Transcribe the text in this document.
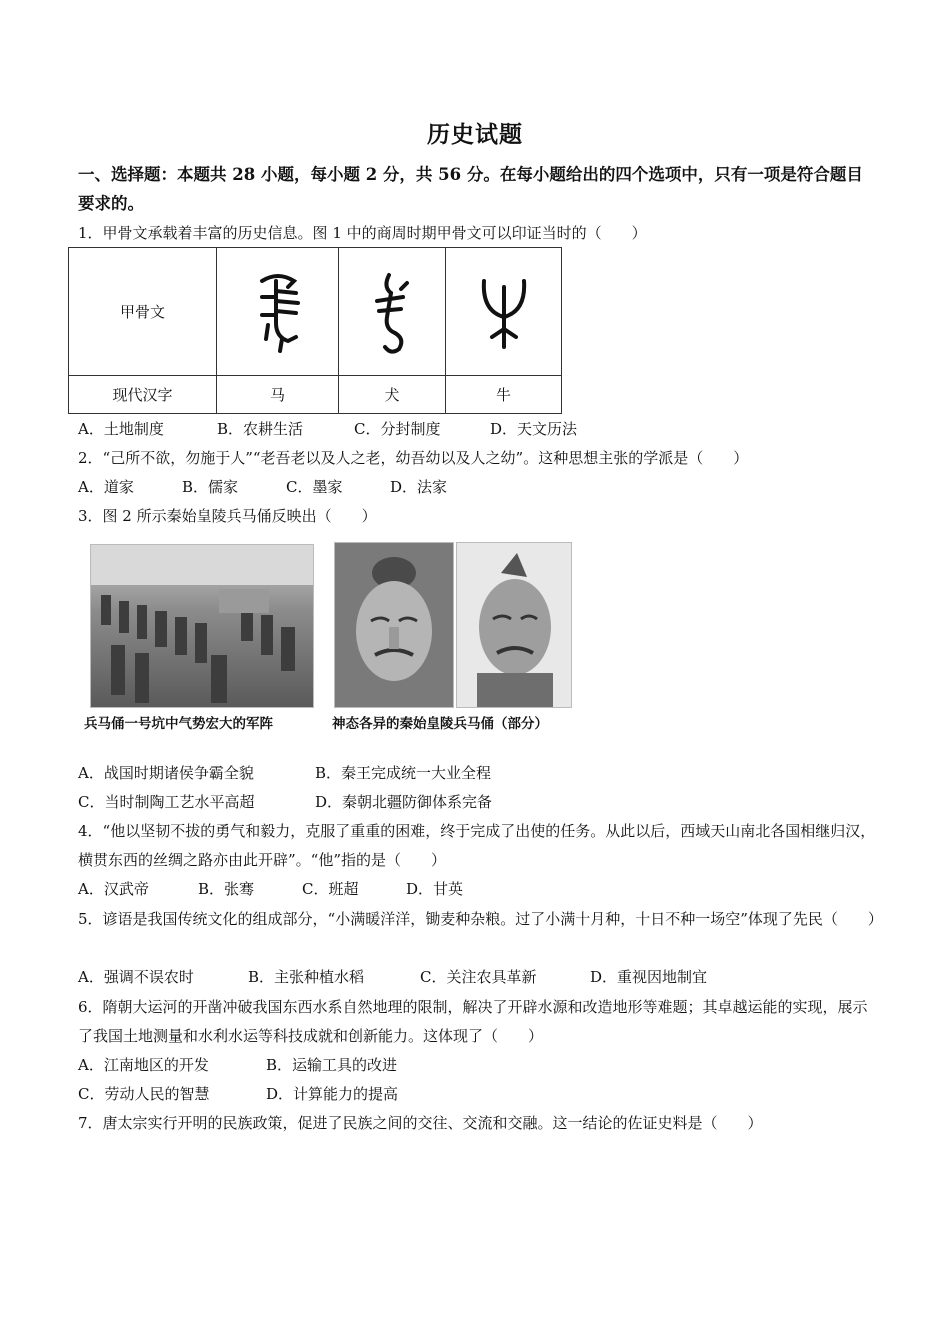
历史试题
一、选择题：本题共 28 小题，每小题 2 分，共 56 分。在每小题给出的四个选项中，只有一项是符合题目要求的。
1．甲骨文承载着丰富的历史信息。图 1 中的商周时期甲骨文可以印证当时的（　　）
甲骨文	

现代汉字	马	犬	牛
A．土地制度	B．农耕生活	C．分封制度	D．天文历法
2．“己所不欲，勿施于人”“老吾老以及人之老，幼吾幼以及人之幼”。这种思想主张的学派是（　　）
A．道家	B．儒家	C．墨家	D．法家
3．图 2 所示秦始皇陵兵马俑反映出（　　）
兵马俑一号坑中气势宏大的军阵	神态各异的秦始皇陵兵马俑（部分）
A．战国时期诸侯争霸全貌	B．秦王完成统一大业全程
C．当时制陶工艺水平高超	D．秦朝北疆防御体系完备
4．“他以坚韧不拔的勇气和毅力，克服了重重的困难，终于完成了出使的任务。从此以后，西域天山南北各国相继归汉，横贯东西的丝绸之路亦由此开辟”。“他”指的是（　　）
A．汉武帝	B．张骞	C．班超	D．甘英
5．谚语是我国传统文化的组成部分，“小满暖洋洋，锄麦种杂粮。过了小满十月种，十日不种一场空”体现了先民（　　）
A．强调不误农时	B．主张种植水稻	C．关注农具革新	D．重视因地制宜
6．隋朝大运河的开凿冲破我国东西水系自然地理的限制，解决了开辟水源和改造地形等难题；其卓越运能的实现，展示了我国土地测量和水利水运等科技成就和创新能力。这体现了（　　）
A．江南地区的开发	B．运输工具的改进
C．劳动人民的智慧	D．计算能力的提高
7．唐太宗实行开明的民族政策，促进了民族之间的交往、交流和交融。这一结论的佐证史料是（　　）
